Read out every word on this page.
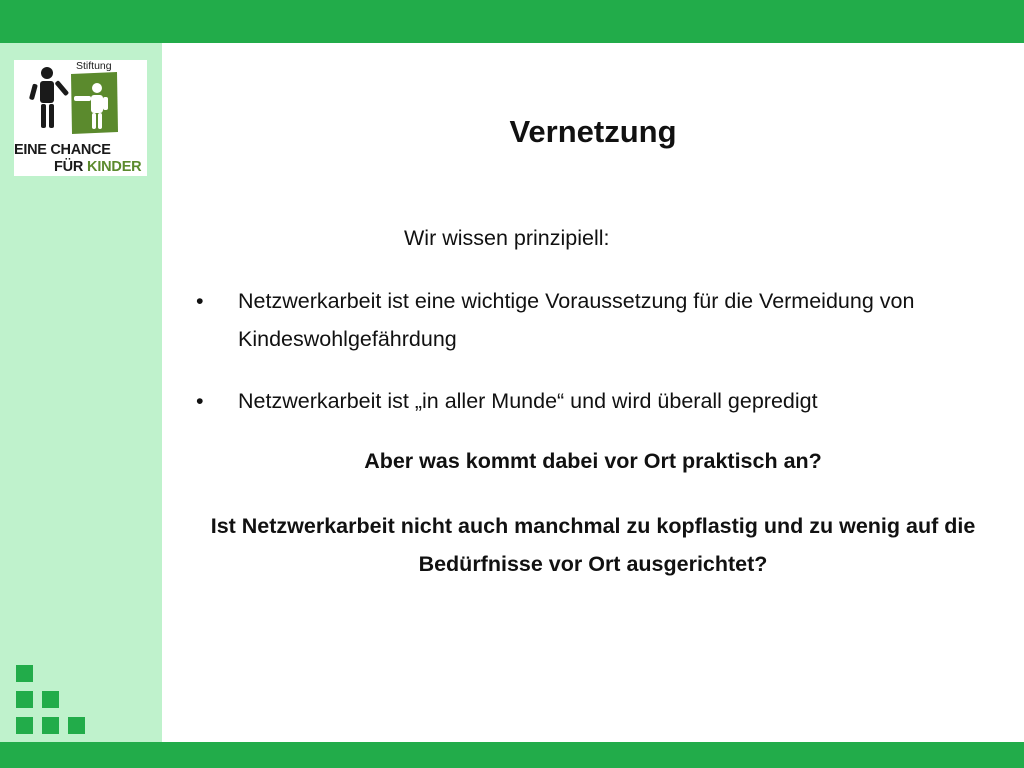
Stiftung
EINE CHANCE
FÜR KINDER
Vernetzung
Wir wissen prinzipiell:
• Netzwerkarbeit ist eine wichtige Voraussetzung für die Vermeidung von Kindeswohlgefährdung
• Netzwerkarbeit ist „in aller Munde“ und wird überall gepredigt
Aber was kommt dabei vor Ort praktisch an?
Ist Netzwerkarbeit nicht auch manchmal zu kopflastig und zu wenig auf die Bedürfnisse vor Ort ausgerichtet?
